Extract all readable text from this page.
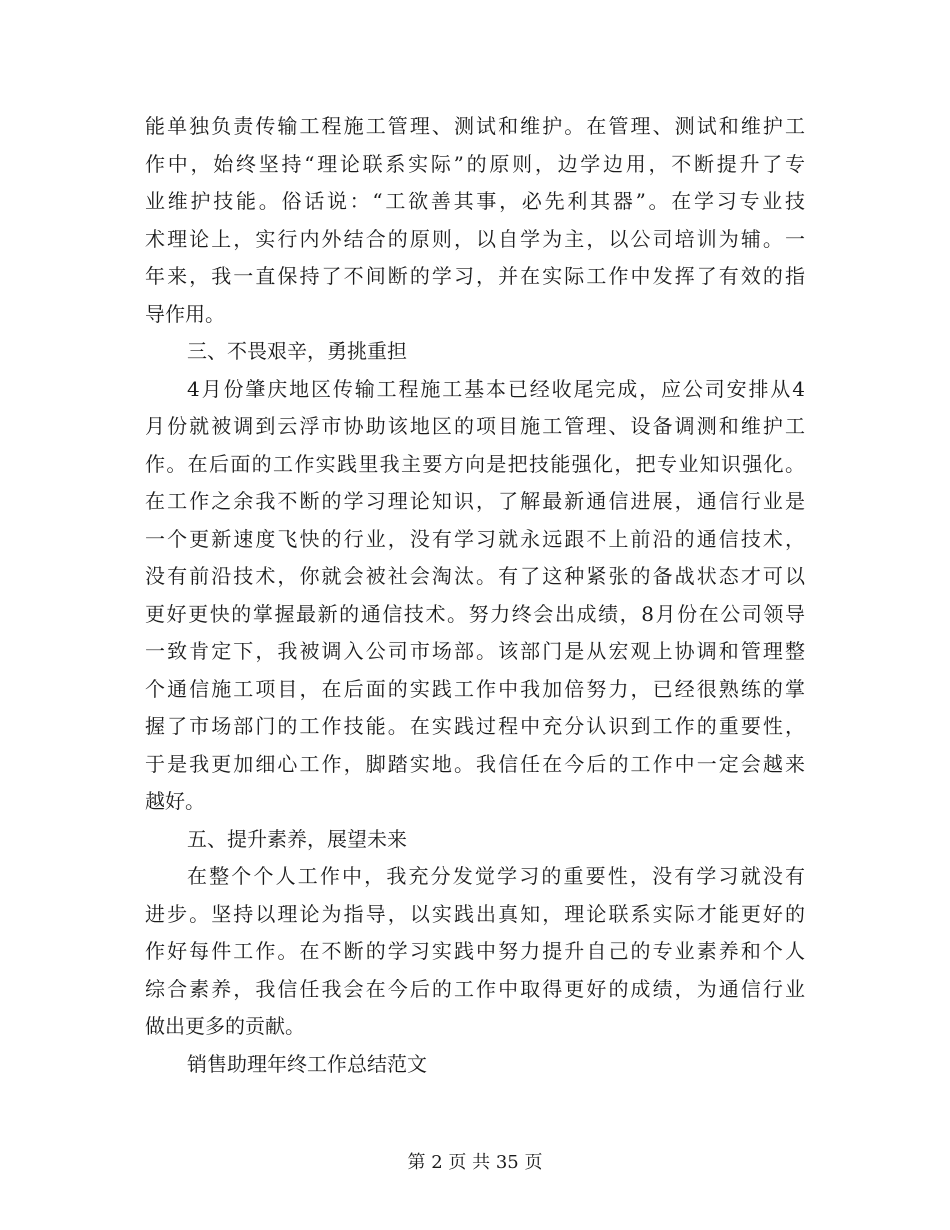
能单独负责传输工程施工管理、测试和维护。在管理、测试和维护工
作中，始终坚持“理论联系实际”的原则，边学边用，不断提升了专
业维护技能。俗话说：“工欲善其事，必先利其器”。在学习专业技
术理论上，实行内外结合的原则，以自学为主，以公司培训为辅。一
年来，我一直保持了不间断的学习，并在实际工作中发挥了有效的指
导作用。
三、不畏艰辛，勇挑重担
4月份肇庆地区传输工程施工基本已经收尾完成，应公司安排从4
月份就被调到云浮市协助该地区的项目施工管理、设备调测和维护工
作。在后面的工作实践里我主要方向是把技能强化，把专业知识强化。
在工作之余我不断的学习理论知识，了解最新通信进展，通信行业是
一个更新速度飞快的行业，没有学习就永远跟不上前沿的通信技术，
没有前沿技术，你就会被社会淘汰。有了这种紧张的备战状态才可以
更好更快的掌握最新的通信技术。努力终会出成绩，8月份在公司领导
一致肯定下，我被调入公司市场部。该部门是从宏观上协调和管理整
个通信施工项目，在后面的实践工作中我加倍努力，已经很熟练的掌
握了市场部门的工作技能。在实践过程中充分认识到工作的重要性，
于是我更加细心工作，脚踏实地。我信任在今后的工作中一定会越来
越好。
五、提升素养，展望未来
在整个个人工作中，我充分发觉学习的重要性，没有学习就没有
进步。坚持以理论为指导，以实践出真知，理论联系实际才能更好的
作好每件工作。在不断的学习实践中努力提升自己的专业素养和个人
综合素养，我信任我会在今后的工作中取得更好的成绩，为通信行业
做出更多的贡献。
销售助理年终工作总结范文
第 2 页 共 35 页
